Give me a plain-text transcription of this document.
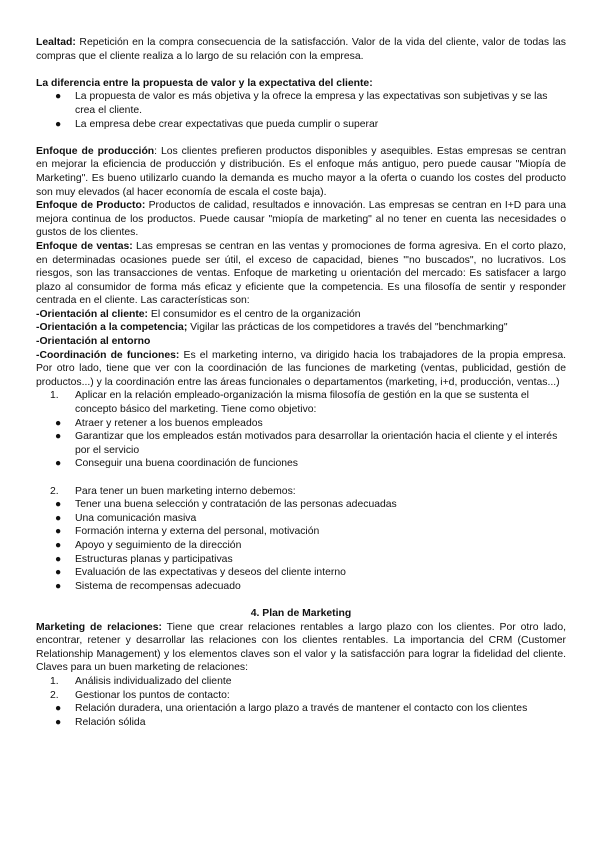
Lealtad: Repetición en la compra consecuencia de la satisfacción. Valor de la vida del cliente, valor de todas las compras que el cliente realiza a lo largo de su relación con la empresa.

La diferencia entre la propuesta de valor y la expectativa del cliente:

● La propuesta de valor es más objetiva y la ofrece la empresa y las expectativas son subjetivas y se las crea el cliente.
● La empresa debe crear expectativas que pueda cumplir o superar

Enfoque de producción: Los clientes prefieren productos disponibles y asequibles. Estas empresas se centran en mejorar la eficiencia de producción y distribución. Es el enfoque más antiguo, pero puede causar "Miopía de Marketing". Es bueno utilizarlo cuando la demanda es mucho mayor a la oferta o cuando los costes del producto son muy elevados (al hacer economía de escala el coste baja).

Enfoque de Producto: Productos de calidad, resultados e innovación. Las empresas se centran en I+D para una mejora continua de los productos. Puede causar "miopía de marketing" al no tener en cuenta las necesidades o gustos de los clientes.

Enfoque de ventas: Las empresas se centran en las ventas y promociones de forma agresiva. En el corto plazo, en determinadas ocasiones puede ser útil, el exceso de capacidad, bienes "'no buscados", no lucrativos. Los riesgos, son las transacciones de ventas. Enfoque de marketing u orientación del mercado: Es satisfacer a largo plazo al consumidor de forma más eficaz y eficiente que la competencia. Es una filosofía de sentir y responder centrada en el cliente. Las características son:

-Orientación al cliente: El consumidor es el centro de la organización

-Orientación a la competencia; Vigilar las prácticas de los competidores a través del "benchmarking"

-Orientación al entorno

-Coordinación de funciones: Es el marketing interno, va dirigido hacia los trabajadores de la propia empresa. Por otro lado, tiene que ver con la coordinación de las funciones de marketing (ventas, publicidad, gestión de productos...) y la coordinación entre las áreas funcionales o departamentos (marketing, i+d, producción, ventas...)

1. Aplicar en la relación empleado-organización la misma filosofía de gestión en la que se sustenta el concepto básico del marketing. Tiene como objetivo:
● Atraer y retener a los buenos empleados
● Garantizar que los empleados están motivados para desarrollar la orientación hacia el cliente y el interés por el servicio
● Conseguir una buena coordinación de funciones
2. Para tener un buen marketing interno debemos:
● Tener una buena selección y contratación de las personas adecuadas
● Una comunicación masiva
● Formación interna y externa del personal, motivación
● Apoyo y seguimiento de la dirección
● Estructuras planas y participativas
● Evaluación de las expectativas y deseos del cliente interno
● Sistema de recompensas adecuado

4. Plan de Marketing

Marketing de relaciones: Tiene que crear relaciones rentables a largo plazo con los clientes. Por otro lado, encontrar, retener y desarrollar las relaciones con los clientes rentables. La importancia del CRM (Customer Relationship Management) y los elementos claves son el valor y la satisfacción para lograr la fidelidad del cliente. Claves para un buen marketing de relaciones:

1. Análisis individualizado del cliente
2. Gestionar los puntos de contacto:
● Relación duradera, una orientación a largo plazo a través de mantener el contacto con los clientes
● Relación sólida
